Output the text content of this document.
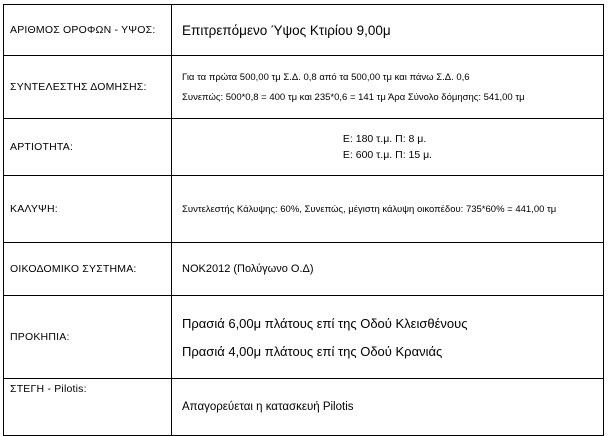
ΑΡΙΘΜΟΣ ΟΡΟΦΩΝ - ΥΨΟΣ:	Επιτρεπόμενο Ύψος Κτιρίου 9,00μ

ΣΥΝΤΕΛΕΣΤΗΣ ΔΟΜΗΣΗΣ:	Για τα πρώτα 500,00 τμ Σ.Δ. 0,8 από τα 500,00 τμ και πάνω Σ.Δ. 0,6
Συνεπώς: 500*0,8 = 400 τμ και 235*0,6 = 141 τμ Άρα Σύνολο δόμησης: 541,00 τμ

ΑΡΤΙΟΤΗΤΑ:	Ε: 180 τ.μ. Π: 8 μ.
Ε: 600 τ.μ. Π: 15 μ.

ΚΑΛΥΨΗ:	Συντελεστής Κάλυψης: 60%, Συνεπώς, μέγιστη κάλυψη οικοπέδου: 735*60% = 441,00 τμ

ΟΙΚΟΔΟΜΙΚΟ ΣΥΣΤΗΜΑ:	ΝΟΚ2012 (Πολύγωνο Ο.Δ)

ΠΡΟΚΗΠΙΑ:	Πρασιά 6,00μ πλάτους επί της Οδού Κλεισθένους
Πρασιά 4,00μ πλάτους επί της Οδού Κρανιάς

ΣΤΕΓΗ - Pilotis:	Απαγορεύεται η κατασκευή Pilotis
